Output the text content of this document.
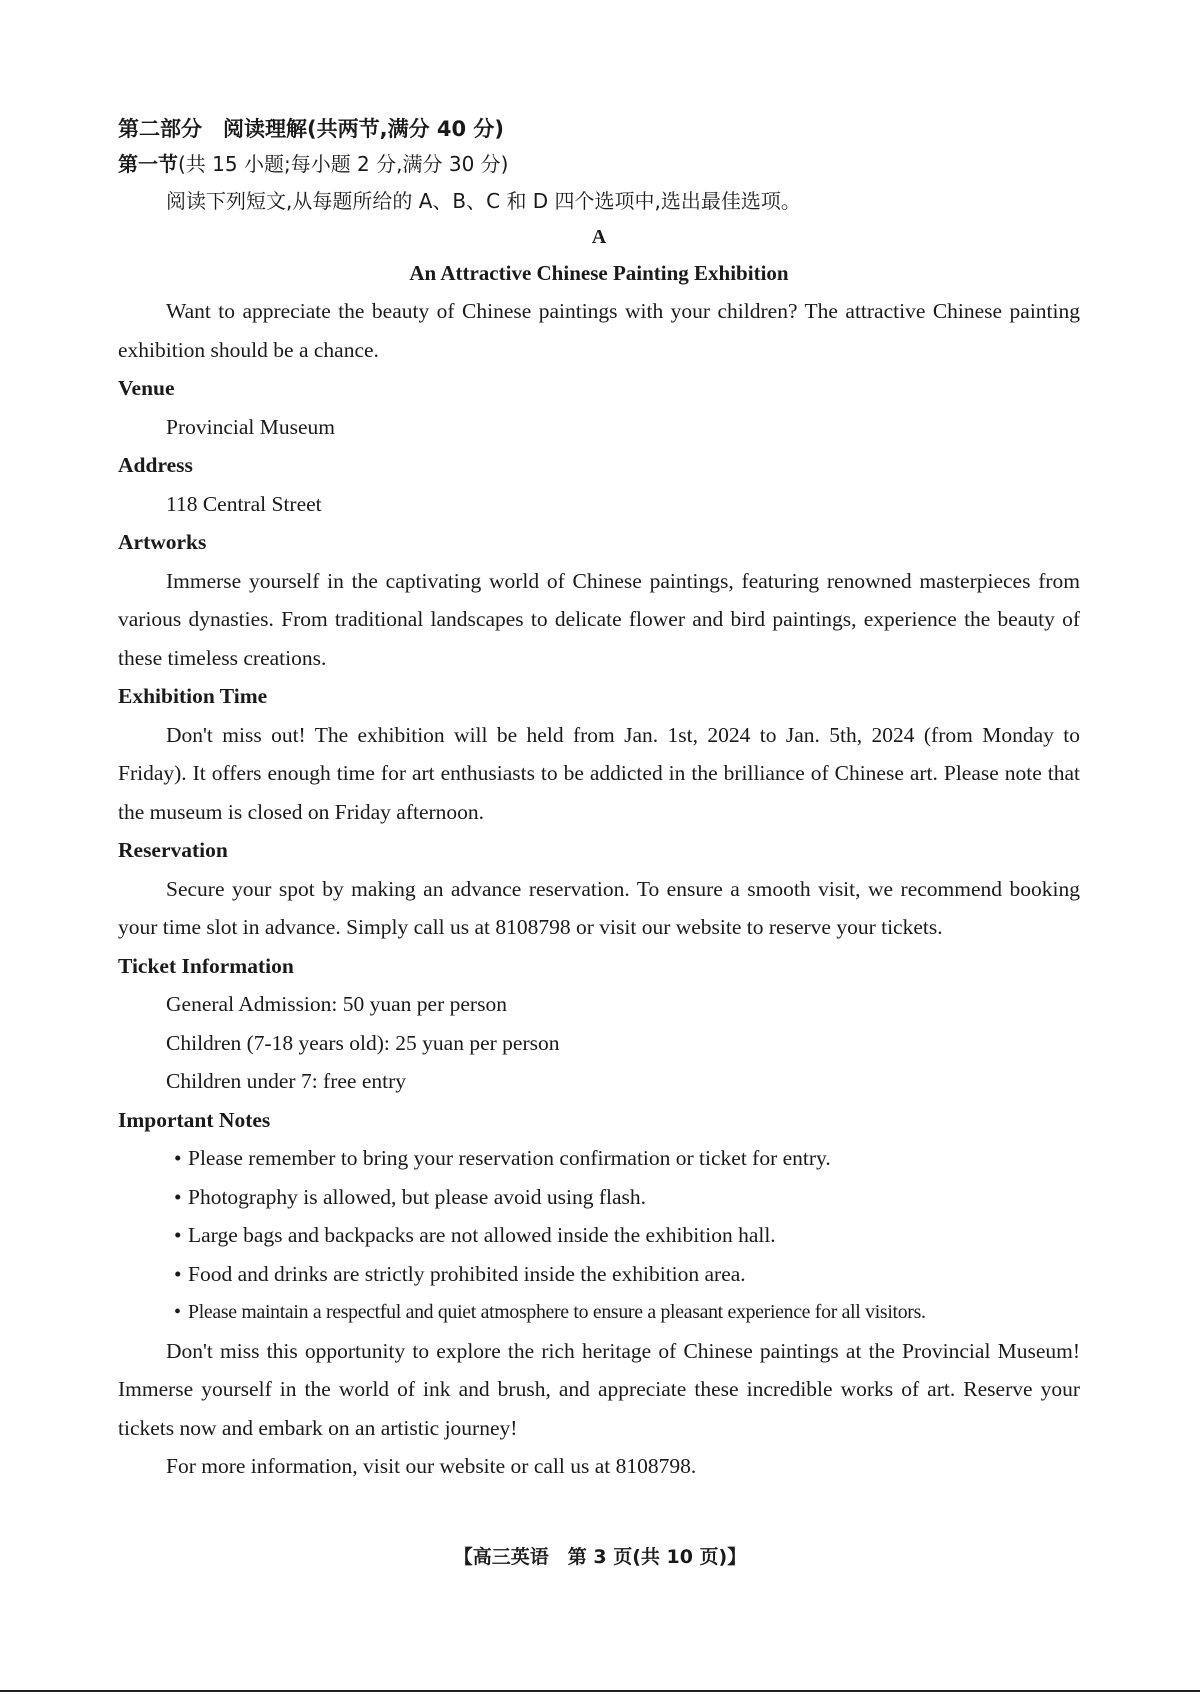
第二部分　阅读理解(共两节,满分 40 分)

第一节(共 15 小题;每小题 2 分,满分 30 分)

阅读下列短文,从每题所给的 A、B、C 和 D 四个选项中,选出最佳选项。

A

An Attractive Chinese Painting Exhibition

Want to appreciate the beauty of Chinese paintings with your children? The attractive Chinese painting exhibition should be a chance.

Venue

Provincial Museum

Address

118 Central Street

Artworks

Immerse yourself in the captivating world of Chinese paintings, featuring renowned masterpieces from various dynasties. From traditional landscapes to delicate flower and bird paintings, experience the beauty of these timeless creations.

Exhibition Time

Don't miss out! The exhibition will be held from Jan. 1st, 2024 to Jan. 5th, 2024 (from Monday to Friday). It offers enough time for art enthusiasts to be addicted in the brilliance of Chinese art. Please note that the museum is closed on Friday afternoon.

Reservation

Secure your spot by making an advance reservation. To ensure a smooth visit, we recommend booking your time slot in advance. Simply call us at 8108798 or visit our website to reserve your tickets.

Ticket Information

General Admission: 50 yuan per person

Children (7-18 years old): 25 yuan per person

Children under 7: free entry

Important Notes

• Please remember to bring your reservation confirmation or ticket for entry.
• Photography is allowed, but please avoid using flash.
• Large bags and backpacks are not allowed inside the exhibition hall.
• Food and drinks are strictly prohibited inside the exhibition area.
• Please maintain a respectful and quiet atmosphere to ensure a pleasant experience for all visitors.

Don't miss this opportunity to explore the rich heritage of Chinese paintings at the Provincial Museum! Immerse yourself in the world of ink and brush, and appreciate these incredible works of art. Reserve your tickets now and embark on an artistic journey!

For more information, visit our website or call us at 8108798.

【高三英语　第 3 页(共 10 页)】
